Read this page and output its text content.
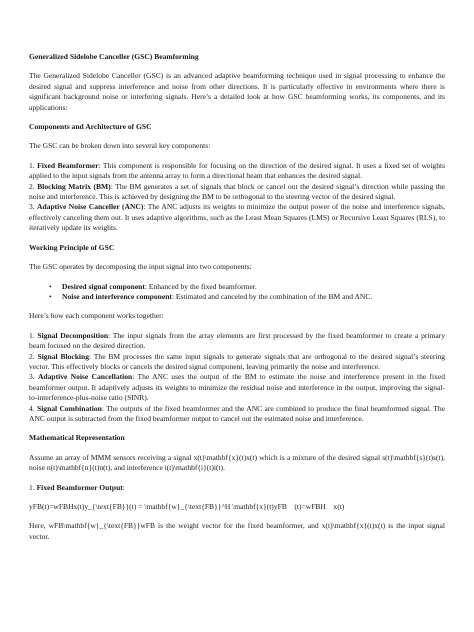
Generalized Sidelobe Canceller (GSC) Beamforming

The Generalized Sidelobe Canceller (GSC) is an advanced adaptive beamforming technique used in signal processing to enhance the desired signal and suppress interference and noise from other directions. It is particularly effective in environments where there is significant background noise or interfering signals. Here’s a detailed look at how GSC beamforming works, its components, and its applications:

Components and Architecture of GSC

The GSC can be broken down into several key components:

1. Fixed Beamformer: This component is responsible for focusing on the direction of the desired signal. It uses a fixed set of weights applied to the input signals from the antenna array to form a directional beam that enhances the desired signal.
2. Blocking Matrix (BM): The BM generates a set of signals that block or cancel out the desired signal’s direction while passing the noise and interference. This is achieved by designing the BM to be orthogonal to the steering vector of the desired signal.
3. Adaptive Noise Canceller (ANC): The ANC adjusts its weights to minimize the output power of the noise and interference signals, effectively canceling them out. It uses adaptive algorithms, such as the Least Mean Squares (LMS) or Recursive Least Squares (RLS), to iteratively update its weights.
Working Principle of GSC

The GSC operates by decomposing the input signal into two components:

• Desired signal component: Enhanced by the fixed beamformer.
• Noise and interference component: Estimated and canceled by the combination of the BM and ANC.

Here’s how each component works together:

1. Signal Decomposition: The input signals from the array elements are first processed by the fixed beamformer to create a primary beam focused on the desired direction.
2. Signal Blocking: The BM processes the same input signals to generate signals that are orthogonal to the desired signal’s steering vector. This effectively blocks or cancels the desired signal component, leaving primarily the noise and interference.
3. Adaptive Noise Cancellation: The ANC uses the output of the BM to estimate the noise and interference present in the fixed beamformer output. It adaptively adjusts its weights to minimize the residual noise and interference in the output, improving the signal-to-interference-plus-noise ratio (SINR).
4. Signal Combination: The outputs of the fixed beamformer and the ANC are combined to produce the final beamformed signal. The ANC output is subtracted from the fixed beamformer output to cancel out the estimated noise and interference.
Mathematical Representation

Assume an array of MMM sensors receiving a signal x(t)\mathbf{x}(t)x(t) which is a mixture of the desired signal s(t)\mathbf{s}(t)s(t), noise n(t)\mathbf{n}(t)n(t), and interference i(t)\mathbf{i}(t)i(t).

1. Fixed Beamformer Output:

yFB(t)=wFBHx(t)y_{\text{FB}}(t) = \mathbf{w}_{\text{FB}}^H \mathbf{x}(t)yFB    (t)=wFBH    x(t)

Here, wFB\mathbf{w}_{\text{FB}}wFB is the weight vector for the fixed beamformer, and x(t)\mathbf{x}(t)x(t) is the input signal vector.
